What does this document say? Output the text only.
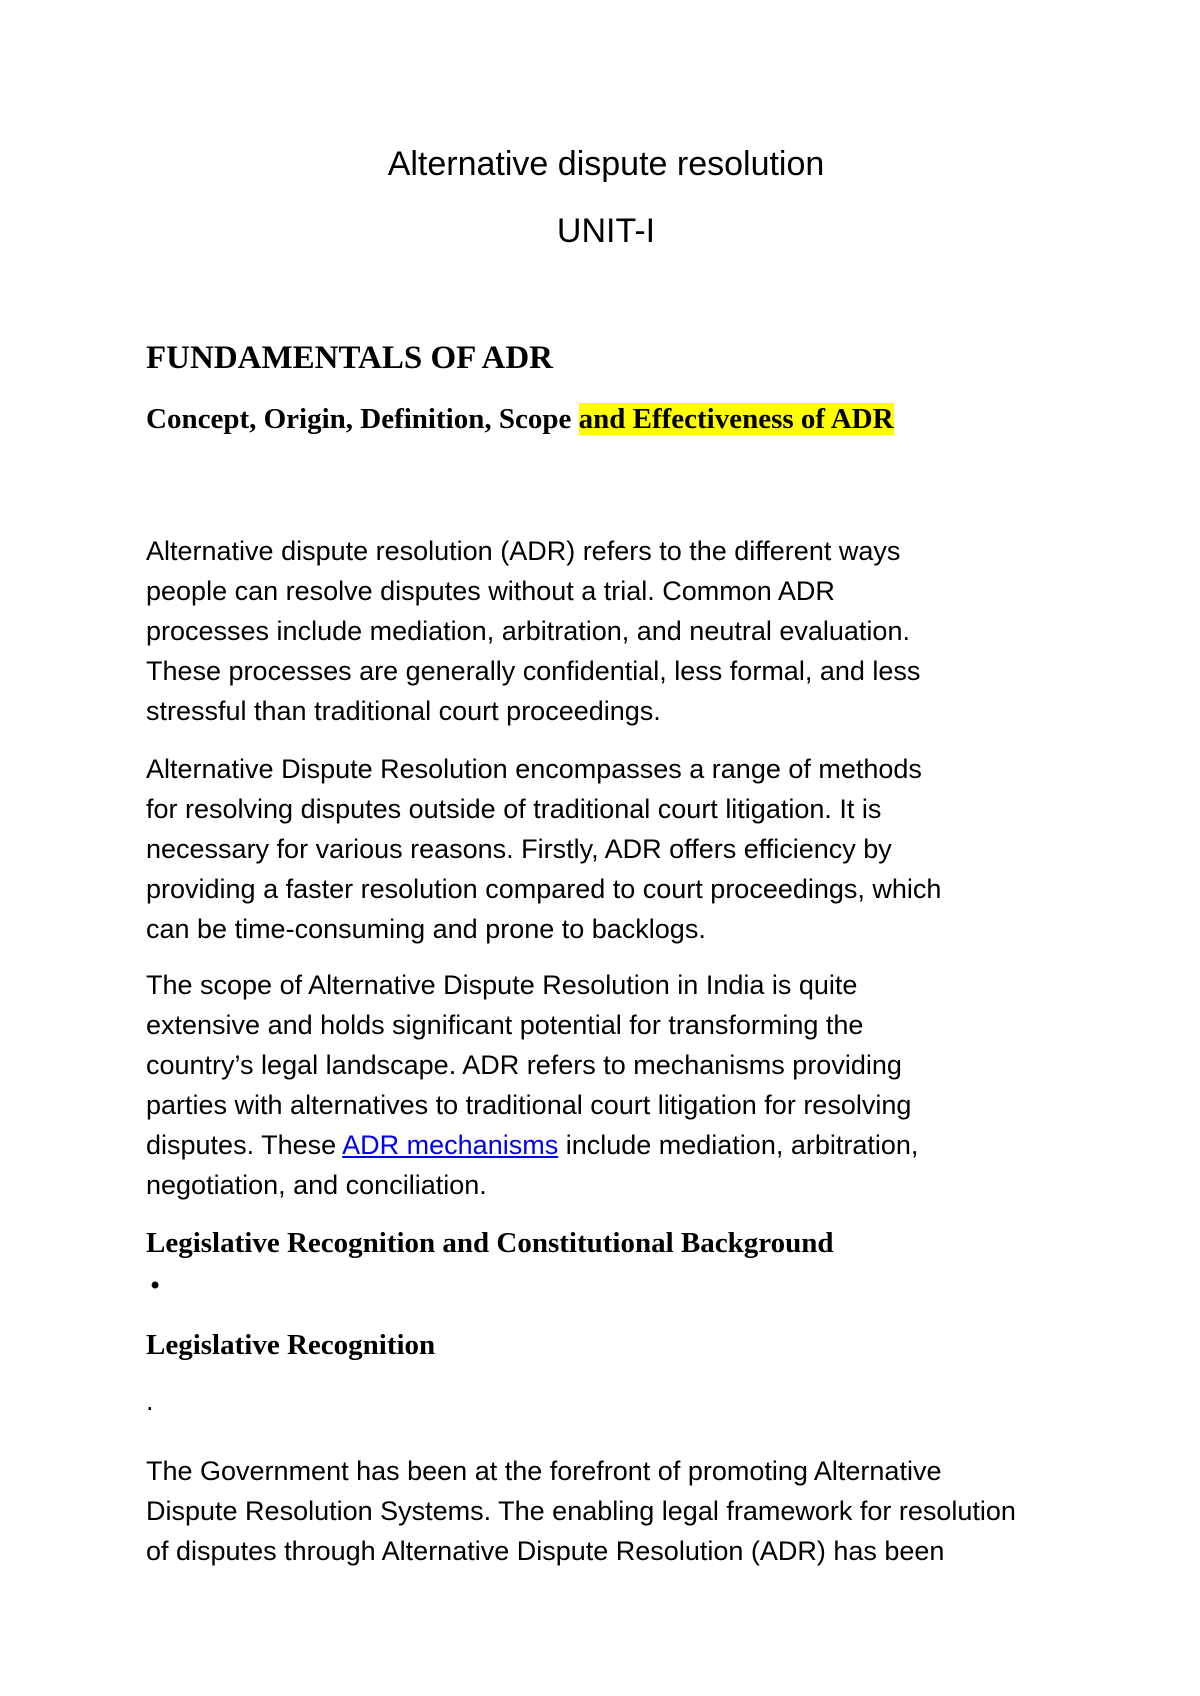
Alternative dispute resolution
UNIT-I
FUNDAMENTALS OF ADR
Concept, Origin, Definition, Scope and Effectiveness of ADR

Alternative dispute resolution (ADR) refers to the different ways
people can resolve disputes without a trial. Common ADR
processes include mediation, arbitration, and neutral evaluation.
These processes are generally confidential, less formal, and less
stressful than traditional court proceedings.

Alternative Dispute Resolution encompasses a range of methods
for resolving disputes outside of traditional court litigation. It is
necessary for various reasons. Firstly, ADR offers efficiency by
providing a faster resolution compared to court proceedings, which
can be time-consuming and prone to backlogs.

The scope of Alternative Dispute Resolution in India is quite
extensive and holds significant potential for transforming the
country’s legal landscape. ADR refers to mechanisms providing
parties with alternatives to traditional court litigation for resolving
disputes. These ADR mechanisms include mediation, arbitration,
negotiation, and conciliation.

Legislative Recognition and Constitutional Background
•
Legislative Recognition
.

The Government has been at the forefront of promoting Alternative
Dispute Resolution Systems. The enabling legal framework for resolution
of disputes through Alternative Dispute Resolution (ADR) has been
